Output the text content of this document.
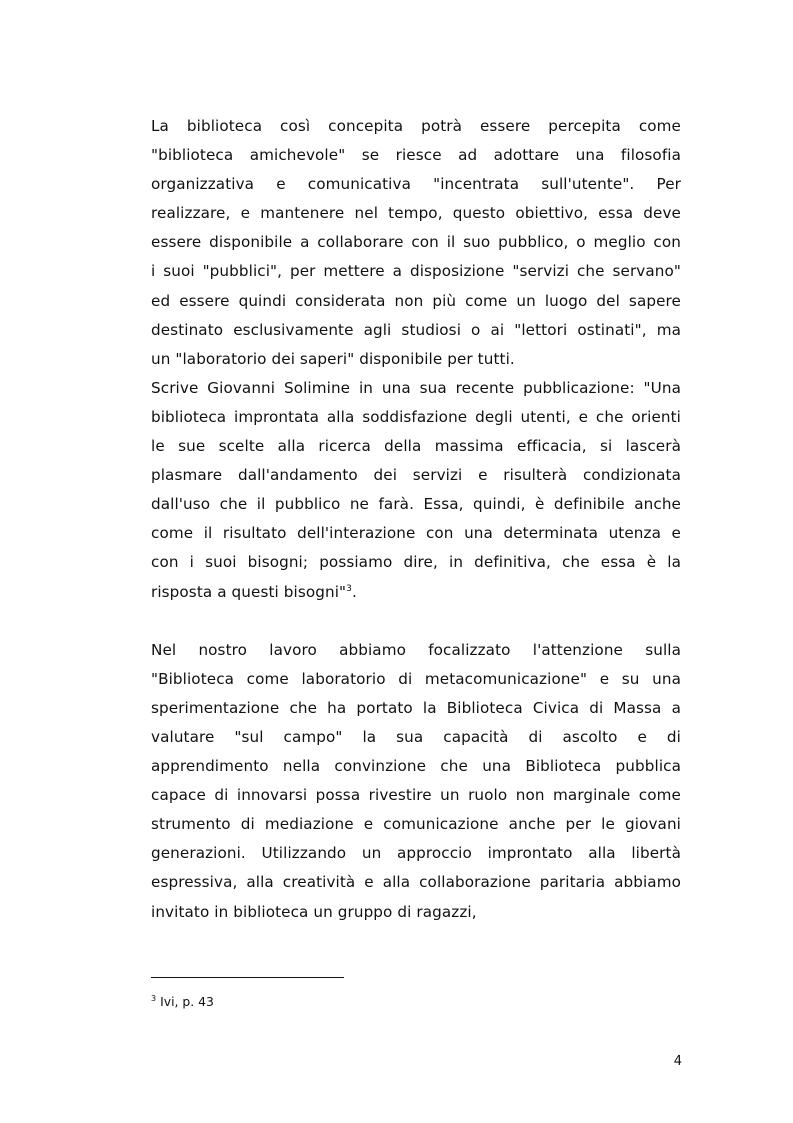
La biblioteca così concepita potrà essere percepita come
"biblioteca amichevole" se riesce ad adottare una filosofia
organizzativa e comunicativa "incentrata sull'utente". Per
realizzare, e mantenere nel tempo, questo obiettivo, essa deve
essere disponibile a collaborare con il suo pubblico, o meglio con
i suoi "pubblici", per mettere a disposizione "servizi che servano"
ed essere quindi considerata non più come un luogo del sapere
destinato esclusivamente agli studiosi o ai "lettori ostinati", ma
un "laboratorio dei saperi" disponibile per tutti.
Scrive Giovanni Solimine in una sua recente pubblicazione: "Una
biblioteca improntata alla soddisfazione degli utenti, e che orienti
le sue scelte alla ricerca della massima efficacia, si lascerà
plasmare dall'andamento dei servizi e risulterà condizionata
dall'uso che il pubblico ne farà. Essa, quindi, è definibile anche
come il risultato dell'interazione con una determinata utenza e
con i suoi bisogni; possiamo dire, in definitiva, che essa è la
risposta a questi bisogni"$^3$.
Nel nostro lavoro abbiamo focalizzato l'attenzione sulla
"Biblioteca come laboratorio di metacomunicazione" e su una
sperimentazione che ha portato la Biblioteca Civica di Massa a
valutare "sul campo" la sua capacità di ascolto e di
apprendimento nella convinzione che una Biblioteca pubblica
capace di innovarsi possa rivestire un ruolo non marginale come
strumento di mediazione e comunicazione anche per le giovani
generazioni. Utilizzando un approccio improntato alla libertà
espressiva, alla creatività e alla collaborazione paritaria abbiamo
invitato in biblioteca un gruppo di ragazzi,
$^3$ Ivi, p. 43
4
